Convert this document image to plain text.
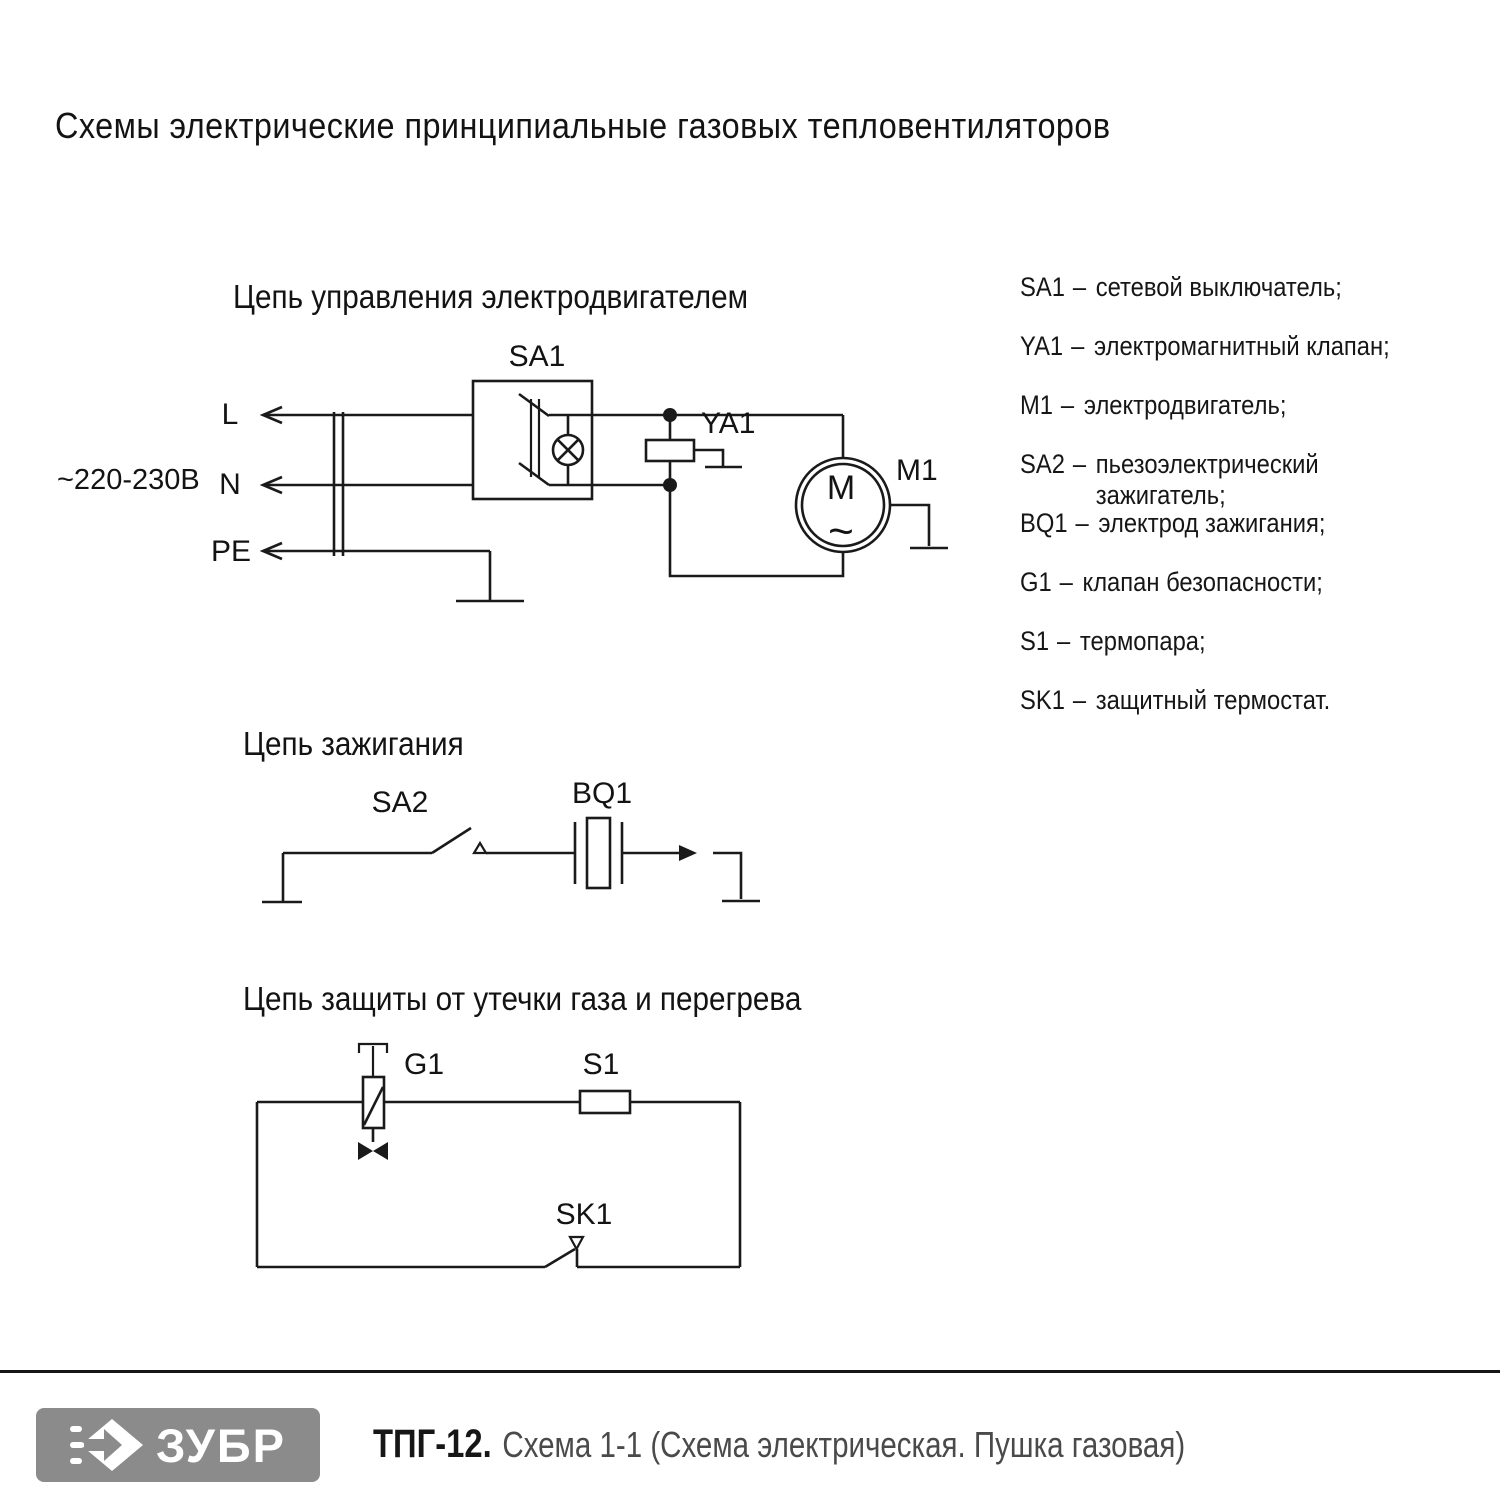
Схемы электрические принципиальные газовых тепловентиляторов
Цепь управления электродвигателем
Цепь зажигания
Цепь защиты от утечки газа и перегрева
SA1 – сетевой выключатель;
YA1 – электромагнитный клапан;
M1 – электродвигатель;
SA2 – пьезоэлектрический зажигатель;
BQ1 – электрод зажигания;
G1 – клапан безопасности;
S1 – термопара;
SK1 – защитный термостат.
M
~
L
N
PE
~220-230В
SA1
YA1
M1
SA2	BQ1
G1	S1
SK1
ЗУБР ТПГ-12. Схема 1-1 (Схема электрическая. Пушка газовая)
